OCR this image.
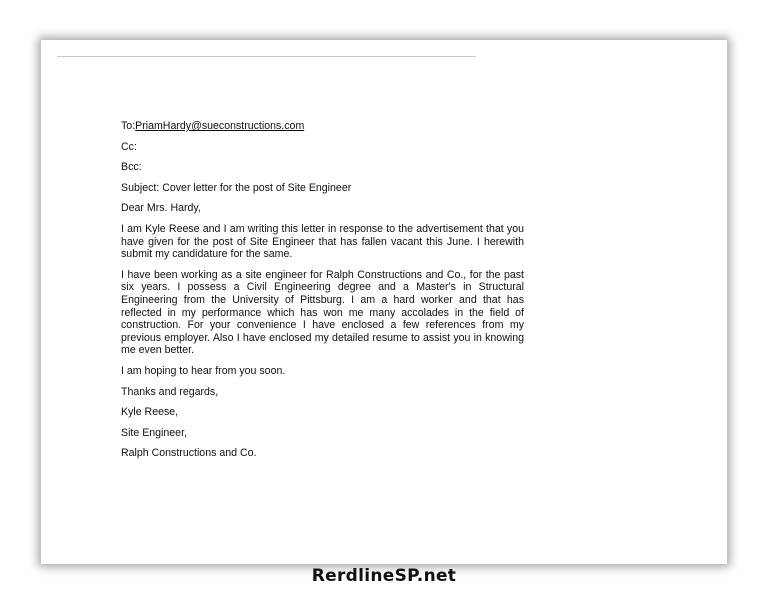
To:PriamHardy@sueconstructions.com
Cc:
Bcc:
Subject: Cover letter for the post of Site Engineer
Dear Mrs. Hardy,
I am Kyle Reese and I am writing this letter in response to the advertisement that you have given for the post of Site Engineer that has fallen vacant this June. I herewith submit my candidature for the same.
I have been working as a site engineer for Ralph Constructions and Co., for the past six years. I possess a Civil Engineering degree and a Master's in Structural Engineering from the University of Pittsburg. I am a hard worker and that has reflected in my performance which has won me many accolades in the field of construction. For your convenience I have enclosed a few references from my previous employer. Also I have enclosed my detailed resume to assist you in knowing me even better.
I am hoping to hear from you soon.
Thanks and regards,
Kyle Reese,
Site Engineer,
Ralph Constructions and Co.
RerdlineSP.net
